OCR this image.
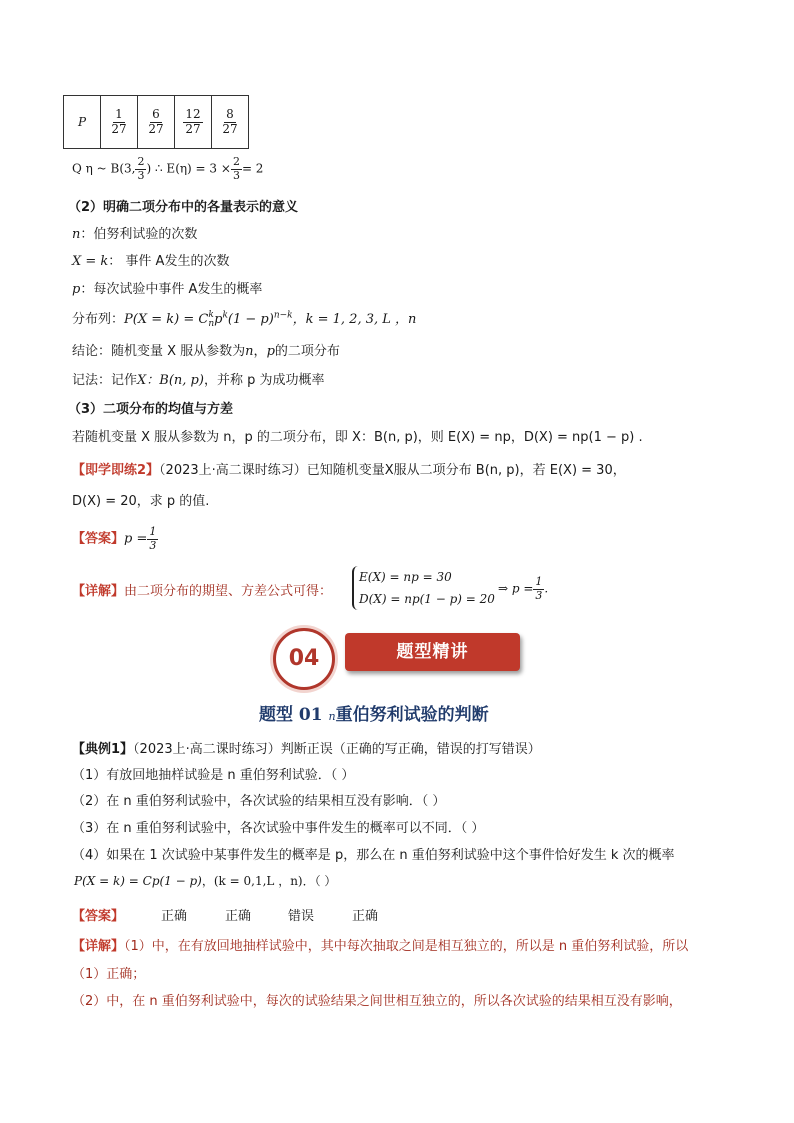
P	$\frac{1}{27}$	$\frac{6}{27}$	$\frac{12}{27}$	$\frac{8}{27}$
Q η ~ B(3, $\frac{2}{3}$ ) ∴ $E(\eta) = 3 \times \frac{2}{3} = 2$
（2）明确二项分布中的各量表示的意义
n：伯努利试验的次数
X = k： 事件 A发生的次数
p：每次试验中事件 A发生的概率
分布列：P(X = k) = C k
n $p^k(1 - p)^{n-k}$，k = 1, 2, 3, L ，n
结论：随机变量 X 服从参数为n，p的二项分布
记法：记作X：B(n, p)，并称 p 为成功概率
（3）二项分布的均值与方差
若随机变量 X 服从参数为 n，p 的二项分布，即 X：B(n, p)，则 E(X) = np，D(X) = np(1 − p) .
【即学即练2】（2023上·高二课时练习）已知随机变量X服从二项分布 B(n, p)，若 E(X) = 30，
D(X) = 20，求 p 的值.
【答案】$p = \frac{1}{3}$
【详解】由二项分布的期望、方差公式可得：
E(X) = np = 30
D(X) = np(1 − p) = 20
⇒ $p = \frac{1}{3}$ .
题型精讲
04
题型 01 n重伯努利试验的判断
【典例1】（2023上·高二课时练习）判断正误（正确的写正确，错误的打写错误）
（1）有放回地抽样试验是 n 重伯努利试验．（ ）
（2）在 n 重伯努利试验中，各次试验的结果相互没有影响．（ ）
（3）在 n 重伯努利试验中，各次试验中事件发生的概率可以不同．（ ）
（4）如果在 1 次试验中某事件发生的概率是 p，那么在 n 重伯努利试验中这个事件恰好发生 k 次的概率
P(X = k) = Cp(1 − p)，(k = 0,1,L ，n)．（ ）
【答案】	正确	正确	错误	正确
【详解】（1）中，在有放回地抽样试验中，其中每次抽取之间是相互独立的，所以是 n 重伯努利试验，所以
（1）正确；
（2）中，在 n 重伯努利试验中，每次的试验结果之间世相互独立的，所以各次试验的结果相互没有影响，
